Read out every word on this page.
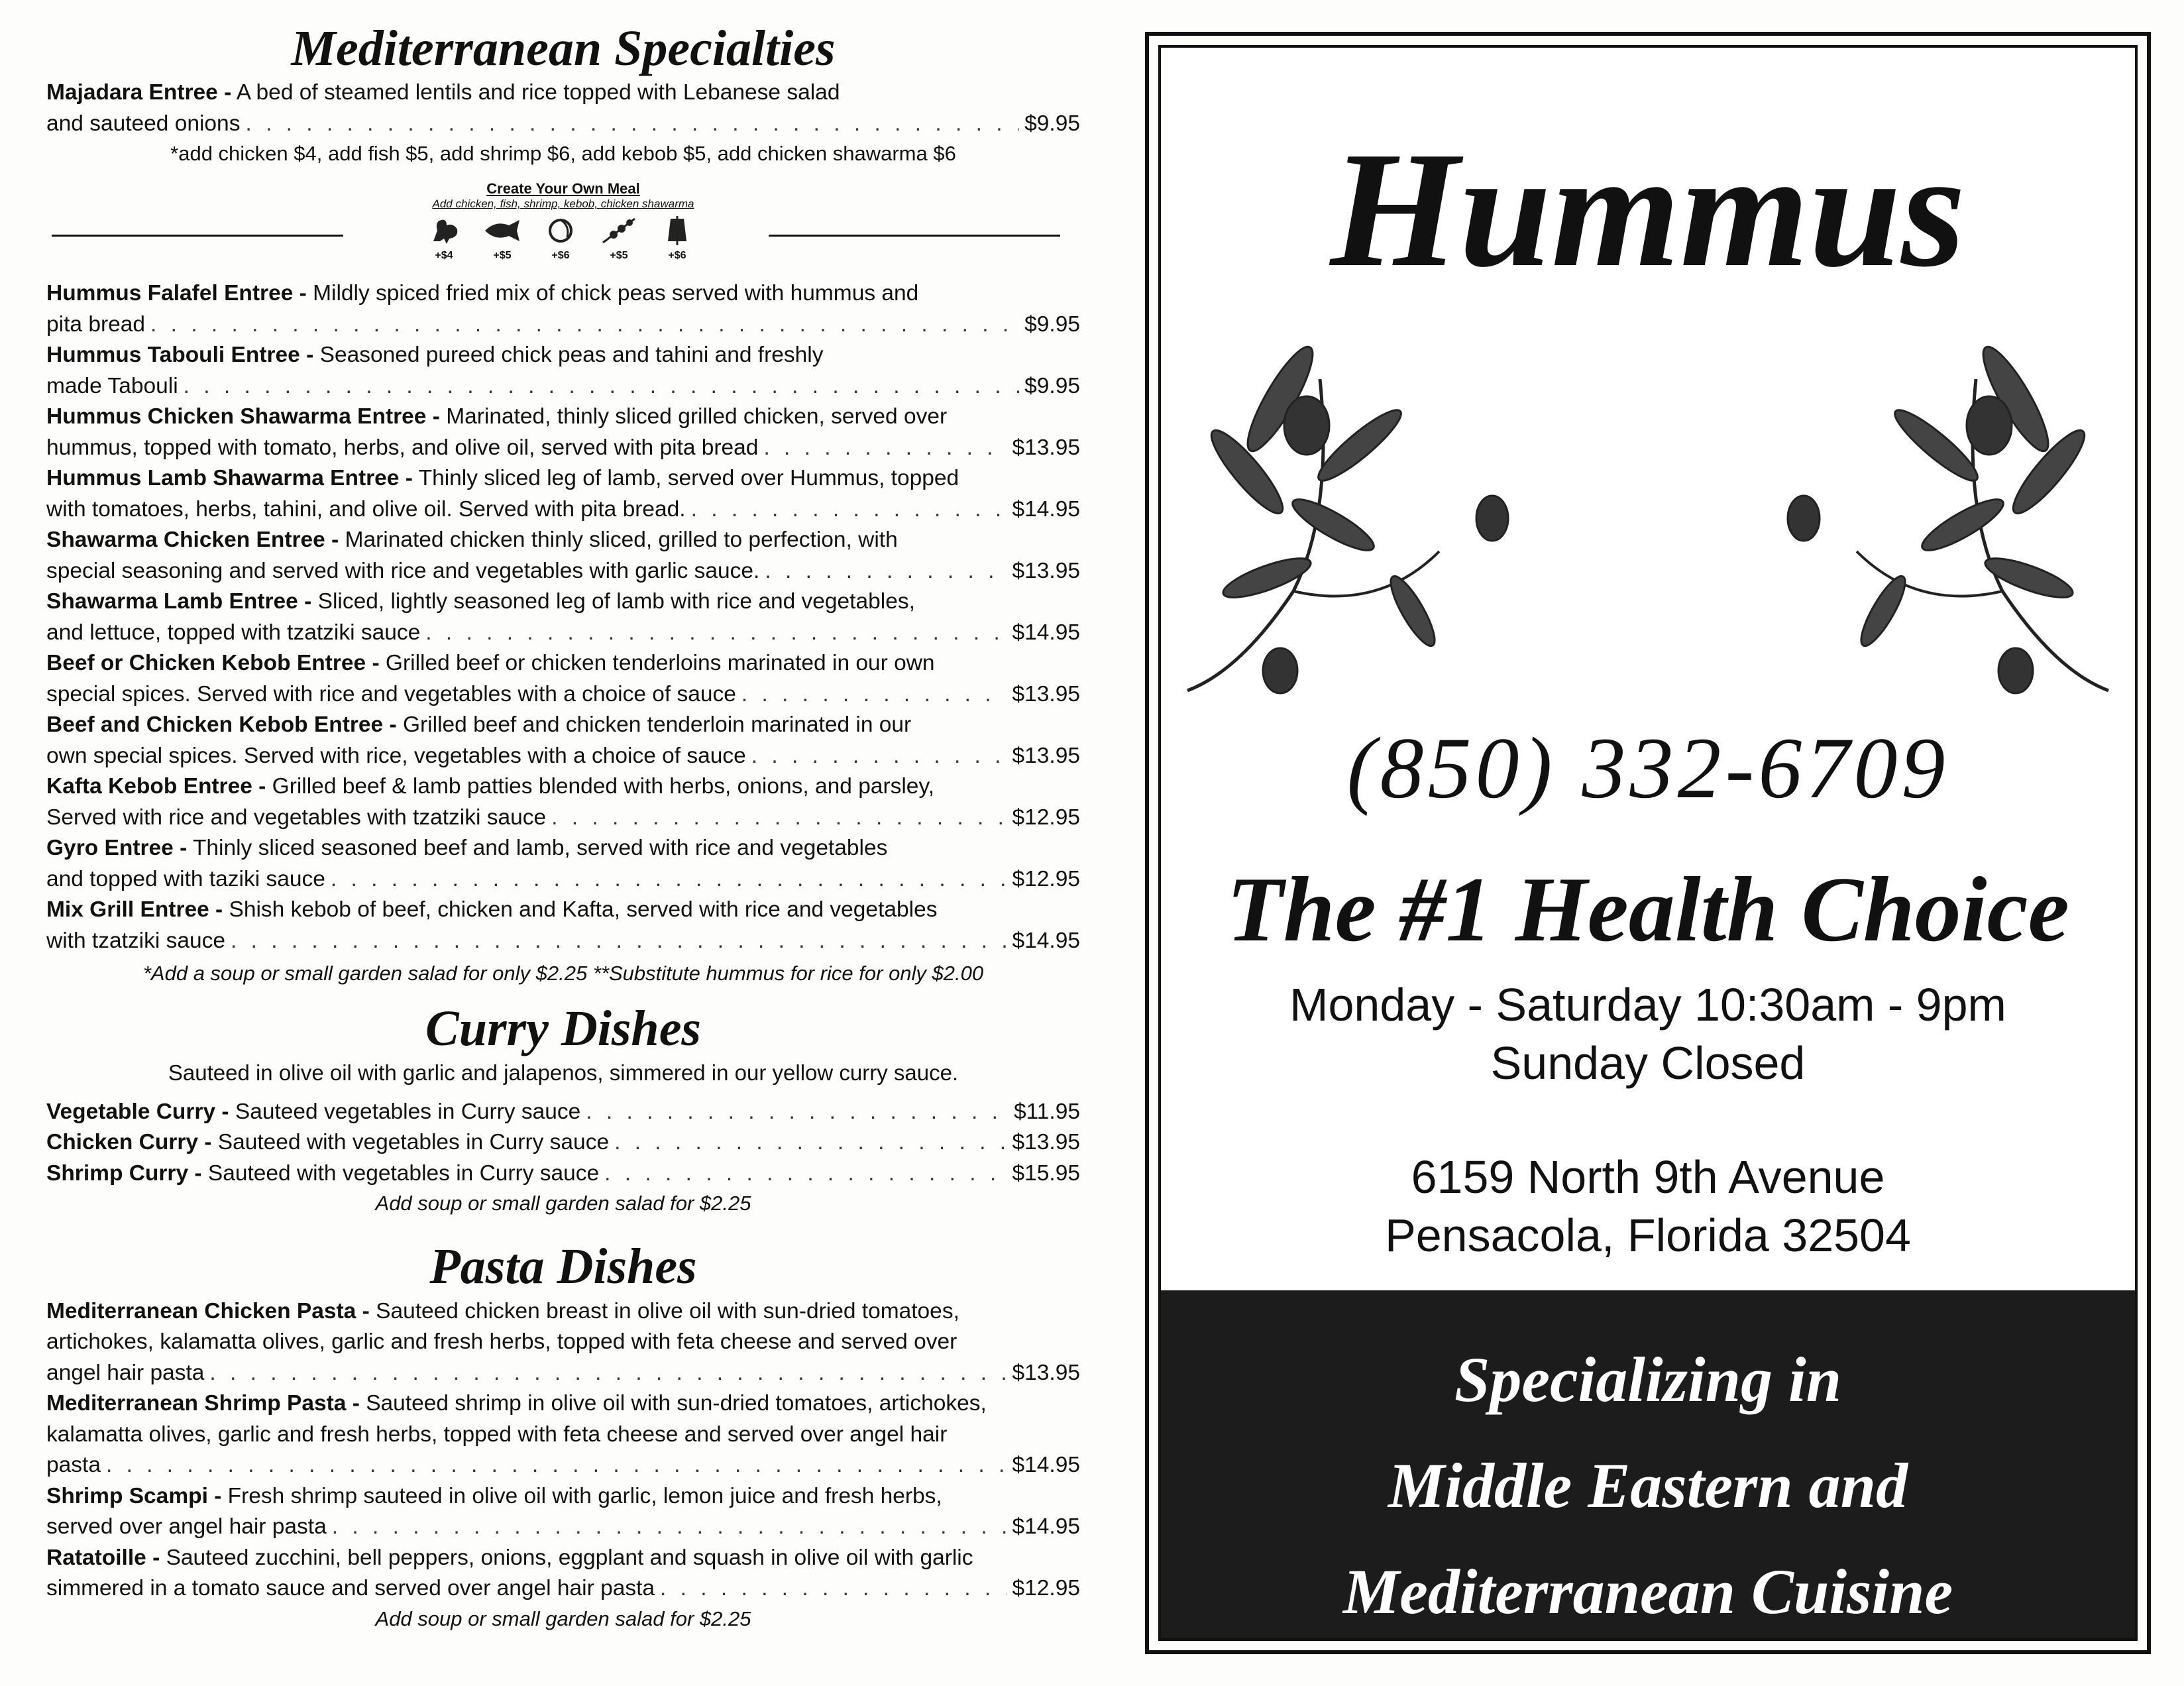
Mediterranean Specialties
Majadara Entree - A bed of steamed lentils and rice topped with Lebanese salad
and sauteed onions . . .	$9.95
*add chicken $4, add fish $5, add shrimp $6, add kebob $5, add chicken shawarma $6
Create Your Own Meal
Add chicken, fish, shrimp, kebob, chicken shawarma
+$4	+$5	+$6	+$5	+$6
Hummus Falafel Entree - Mildly spiced fried mix of chick peas served with hummus and
pita bread . . .	$9.95
Hummus Tabouli Entree - Seasoned pureed chick peas and tahini and freshly
made Tabouli . . .	$9.95
Hummus Chicken Shawarma Entree - Marinated, thinly sliced grilled chicken, served over
hummus, topped with tomato, herbs, and olive oil, served with pita bread . . .	$13.95
Hummus Lamb Shawarma Entree - Thinly sliced leg of lamb, served over Hummus, topped
with tomatoes, herbs, tahini, and olive oil. Served with pita bread. . . .	$14.95
Shawarma Chicken Entree - Marinated chicken thinly sliced, grilled to perfection, with
special seasoning and served with rice and vegetables with garlic sauce. . . .	$13.95
Shawarma Lamb Entree - Sliced, lightly seasoned leg of lamb with rice and vegetables,
and lettuce, topped with tzatziki sauce . . .	$14.95
Beef or Chicken Kebob Entree - Grilled beef or chicken tenderloins marinated in our own
special spices. Served with rice and vegetables with a choice of sauce . . .	$13.95
Beef and Chicken Kebob Entree - Grilled beef and chicken tenderloin marinated in our
own special spices. Served with rice, vegetables with a choice of sauce . . .	$13.95
Kafta Kebob Entree - Grilled beef & lamb patties blended with herbs, onions, and parsley,
Served with rice and vegetables with tzatziki sauce . . .	$12.95
Gyro Entree - Thinly sliced seasoned beef and lamb, served with rice and vegetables
and topped with taziki sauce . . .	$12.95
Mix Grill Entree - Shish kebob of beef, chicken and Kafta, served with rice and vegetables
with tzatziki sauce . . .	$14.95
*Add a soup or small garden salad for only $2.25 **Substitute hummus for rice for only $2.00
Curry Dishes
Sauteed in olive oil with garlic and jalapenos, simmered in our yellow curry sauce.
Vegetable Curry - Sauteed vegetables in Curry sauce . . .	$11.95
Chicken Curry - Sauteed with vegetables in Curry sauce . . .	$13.95
Shrimp Curry - Sauteed with vegetables in Curry sauce . . .	$15.95
Add soup or small garden salad for $2.25
Pasta Dishes
Mediterranean Chicken Pasta - Sauteed chicken breast in olive oil with sun-dried tomatoes,
artichokes, kalamatta olives, garlic and fresh herbs, topped with feta cheese and served over
angel hair pasta . . .	$13.95
Mediterranean Shrimp Pasta - Sauteed shrimp in olive oil with sun-dried tomatoes, artichokes,
kalamatta olives, garlic and fresh herbs, topped with feta cheese and served over angel hair
pasta . . .	$14.95
Shrimp Scampi - Fresh shrimp sauteed in olive oil with garlic, lemon juice and fresh herbs,
served over angel hair pasta . . .	$14.95
Ratatoille - Sauteed zucchini, bell peppers, onions, eggplant and squash in olive oil with garlic
simmered in a tomato sauce and served over angel hair pasta . . .	$12.95
Add soup or small garden salad for $2.25
Hummus
(850) 332-6709
The #1 Health Choice
Monday - Saturday 10:30am - 9pm
Sunday Closed
6159 North 9th Avenue
Pensacola, Florida 32504
Specializing in
Middle Eastern and
Mediterranean Cuisine
